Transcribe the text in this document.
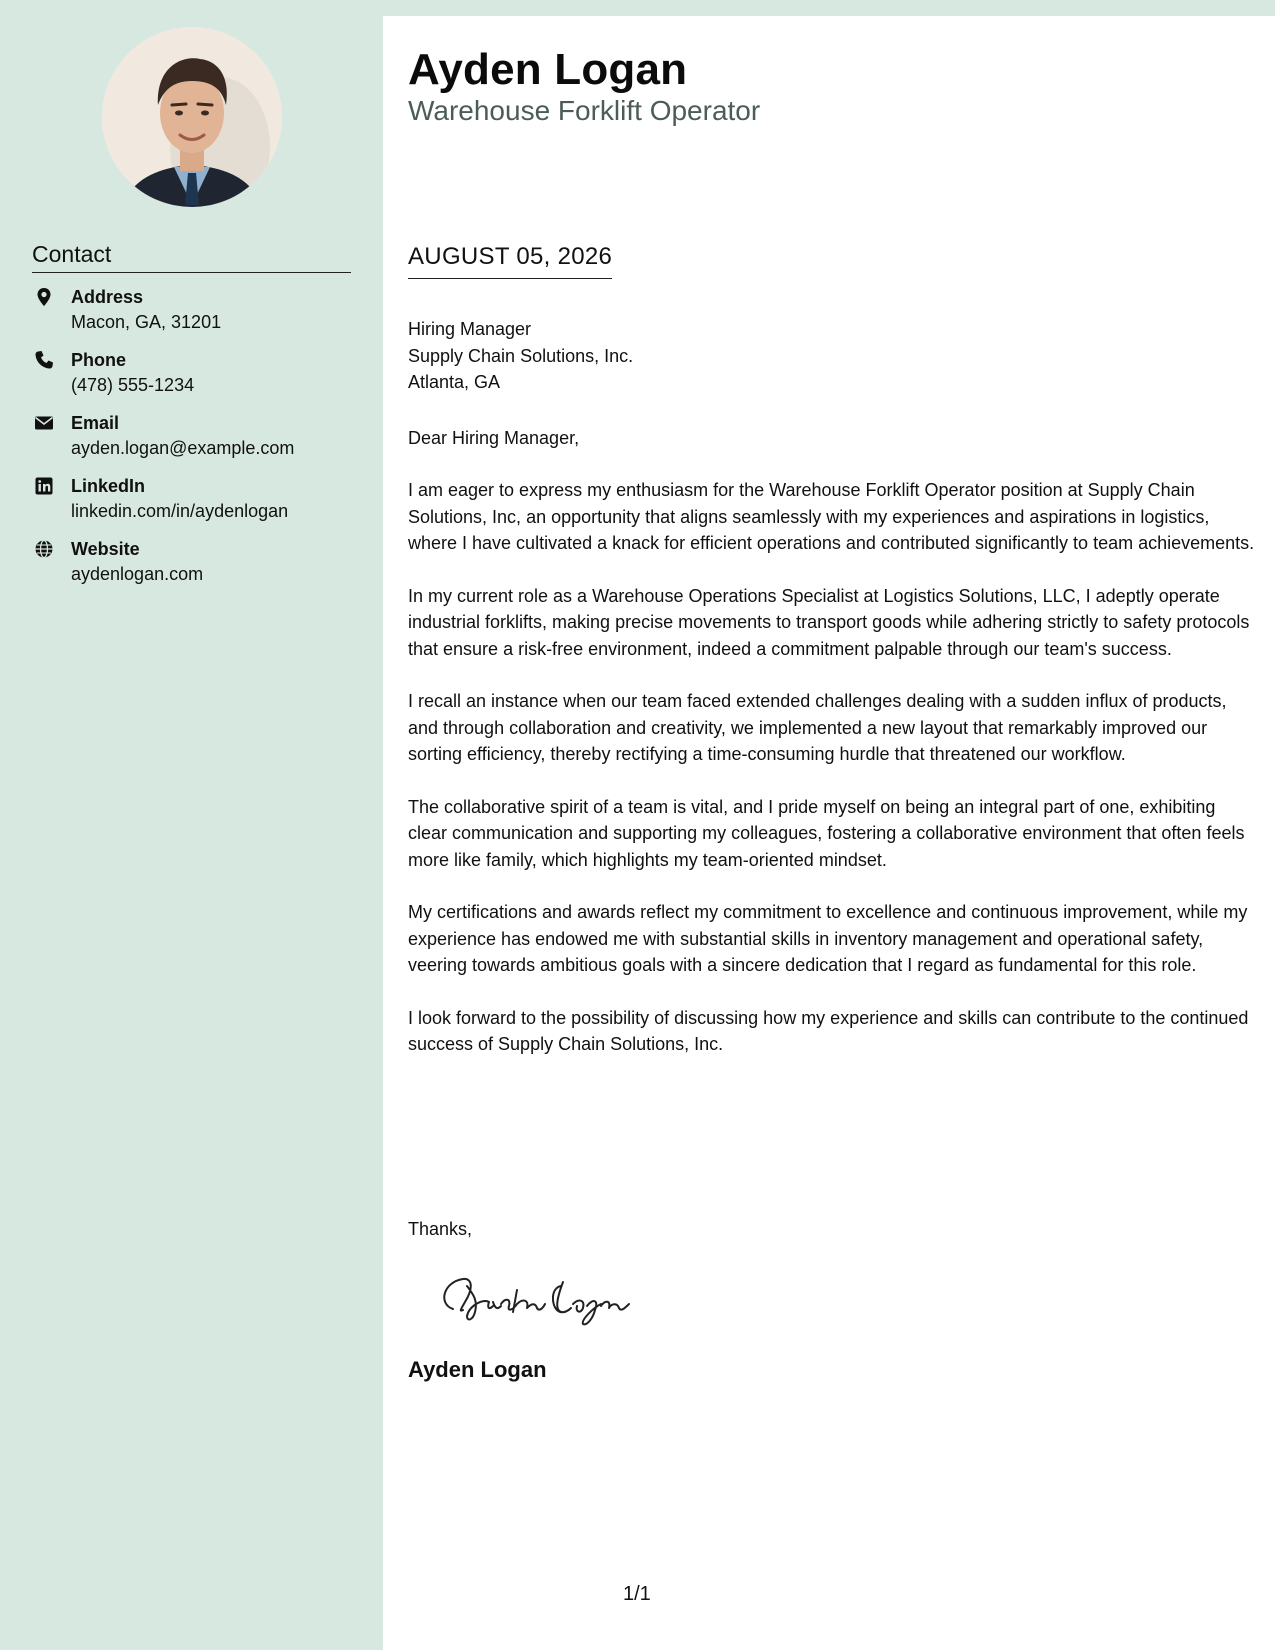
Contact
Address
Macon, GA, 31201
Phone
(478) 555-1234
Email
ayden.logan@example.com
LinkedIn
linkedin.com/in/aydenlogan
Website
aydenlogan.com
Ayden Logan
Warehouse Forklift Operator
AUGUST 05, 2026
Hiring Manager
Supply Chain Solutions, Inc.
Atlanta, GA
Dear Hiring Manager,

I am eager to express my enthusiasm for the Warehouse Forklift Operator position at Supply Chain Solutions, Inc, an opportunity that aligns seamlessly with my experiences and aspirations in logistics, where I have cultivated a knack for efficient operations and contributed significantly to team achievements.

In my current role as a Warehouse Operations Specialist at Logistics Solutions, LLC, I adeptly operate industrial forklifts, making precise movements to transport goods while adhering strictly to safety protocols that ensure a risk-free environment, indeed a commitment palpable through our team's success.

I recall an instance when our team faced extended challenges dealing with a sudden influx of products, and through collaboration and creativity, we implemented a new layout that remarkably improved our sorting efficiency, thereby rectifying a time-consuming hurdle that threatened our workflow.

The collaborative spirit of a team is vital, and I pride myself on being an integral part of one, exhibiting clear communication and supporting my colleagues, fostering a collaborative environment that often feels more like family, which highlights my team-oriented mindset.

My certifications and awards reflect my commitment to excellence and continuous improvement, while my experience has endowed me with substantial skills in inventory management and operational safety, veering towards ambitious goals with a sincere dedication that I regard as fundamental for this role.

I look forward to the possibility of discussing how my experience and skills can contribute to the continued success of Supply Chain Solutions, Inc.

Thanks,
Ayden Logan
1/1
